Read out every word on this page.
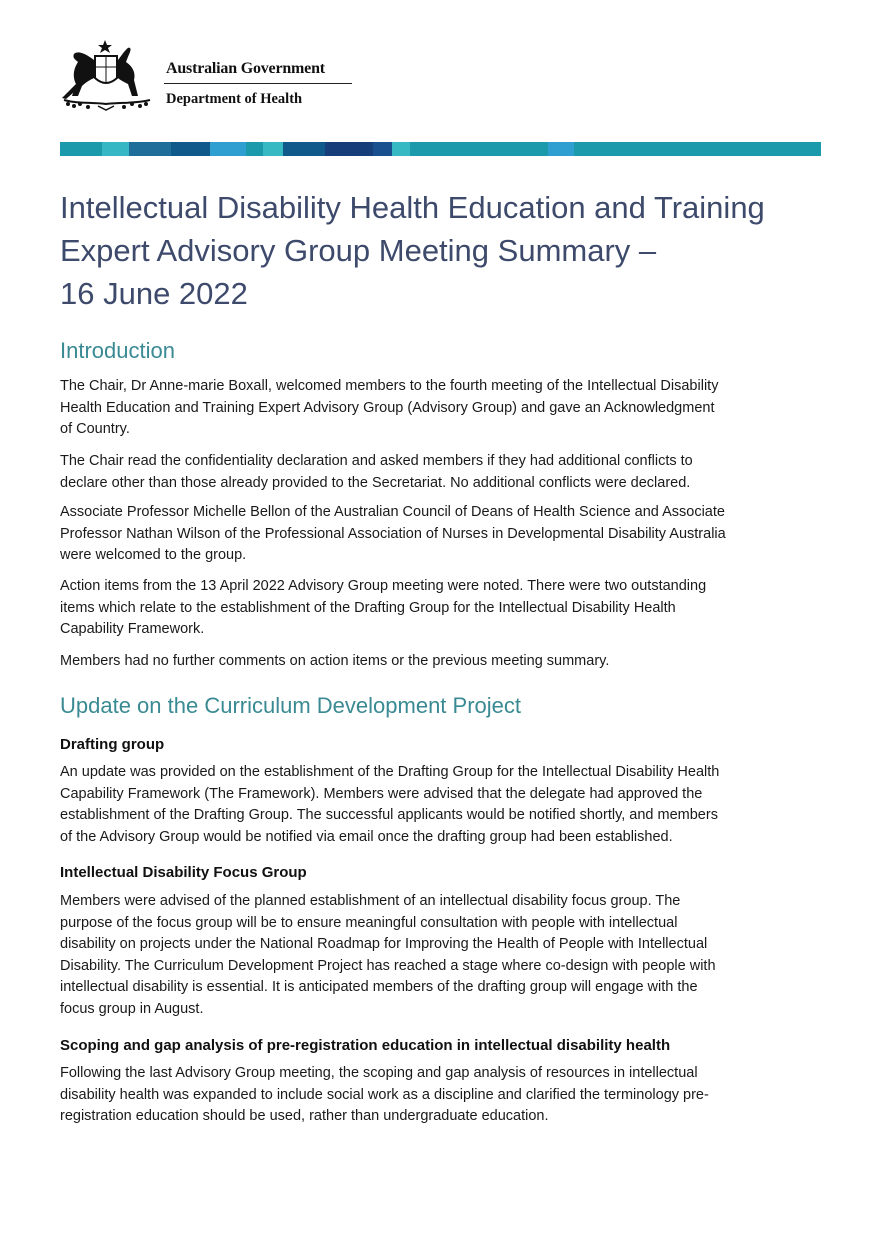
Australian Government
Department of Health
Intellectual Disability Health Education and Training
Expert Advisory Group Meeting Summary –
16 June 2022
Introduction
The Chair, Dr Anne-marie Boxall, welcomed members to the fourth meeting of the Intellectual Disability
Health Education and Training Expert Advisory Group (Advisory Group) and gave an Acknowledgment
of Country.
The Chair read the confidentiality declaration and asked members if they had additional conflicts to
declare other than those already provided to the Secretariat. No additional conflicts were declared.
Associate Professor Michelle Bellon of the Australian Council of Deans of Health Science and Associate
Professor Nathan Wilson of the Professional Association of Nurses in Developmental Disability Australia
were welcomed to the group.
Action items from the 13 April 2022 Advisory Group meeting were noted. There were two outstanding
items which relate to the establishment of the Drafting Group for the Intellectual Disability Health
Capability Framework.
Members had no further comments on action items or the previous meeting summary.
Update on the Curriculum Development Project
Drafting group
An update was provided on the establishment of the Drafting Group for the Intellectual Disability Health
Capability Framework (The Framework). Members were advised that the delegate had approved the
establishment of the Drafting Group. The successful applicants would be notified shortly, and members
of the Advisory Group would be notified via email once the drafting group had been established.
Intellectual Disability Focus Group
Members were advised of the planned establishment of an intellectual disability focus group. The
purpose of the focus group will be to ensure meaningful consultation with people with intellectual
disability on projects under the National Roadmap for Improving the Health of People with Intellectual
Disability. The Curriculum Development Project has reached a stage where co-design with people with
intellectual disability is essential. It is anticipated members of the drafting group will engage with the
focus group in August.
Scoping and gap analysis of pre-registration education in intellectual disability health
Following the last Advisory Group meeting, the scoping and gap analysis of resources in intellectual
disability health was expanded to include social work as a discipline and clarified the terminology pre-
registration education should be used, rather than undergraduate education.
